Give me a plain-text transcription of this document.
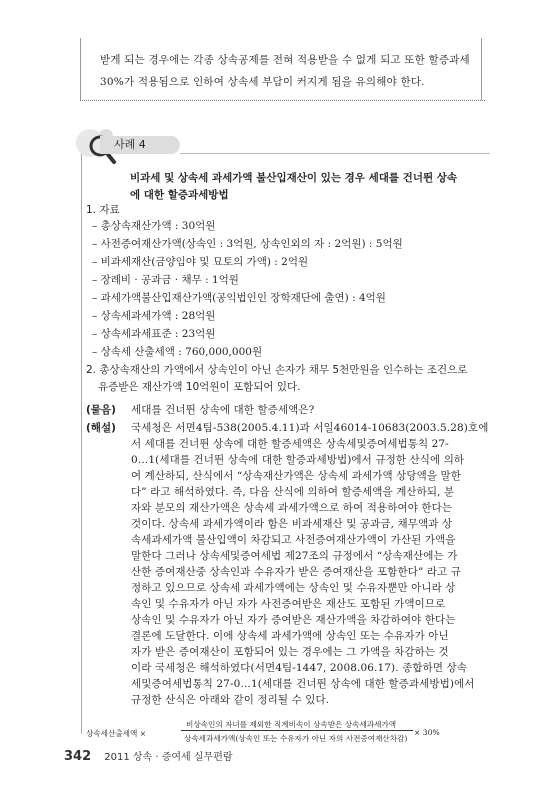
받게 되는 경우에는 각종 상속공제를 전혀 적용받을 수 없게 되고 또한 할증과세
30%가 적용됨으로 인하여 상속세 부담이 커지게 됨을 유의해야 한다.
사례 4
비과세 및 상속세 과세가액 불산입재산이 있는 경우 세대를 건너뛴 상속
에 대한 할증과세방법
1. 자료
– 총상속재산가액 : 30억원
– 사전증여재산가액(상속인 : 3억원, 상속인외의 자 : 2억원) : 5억원
– 비과세재산(금양임야 및 묘토의 가액) : 2억원
– 장례비 · 공과금 · 채무 : 1억원
– 과세가액불산입재산가액(공익법인인 장학재단에 출연) : 4억원
– 상속세과세가액 : 28억원
– 상속세과세표준 : 23억원
– 상속세 산출세액 : 760,000,000원
2. 총상속재산의 가액에서 상속인이 아닌 손자가 채무 5천만원을 인수하는 조건으로
유증받은 재산가액 10억원이 포함되어 있다.
(물음) 세대를 건너뛴 상속에 대한 할증세액은?
(해설) 국세청은 서면4팀-538(2005.4.11)과 서일46014-10683(2003.5.28)호에
서 세대를 건너뛴 상속에 대한 할증세액은 상속세및증여세법통칙 27-
0…1(세대를 건너뛴 상속에 대한 할증과세방법)에서 규정한 산식에 의하
여 계산하되, 산식에서 “상속재산가액은 상속세 과세가액 상당액을 말한
다” 라고 해석하였다. 즉, 다음 산식에 의하여 할증세액을 계산하되, 분
자와 분모의 재산가액은 상속세 과세가액으로 하여 적용하여야 한다는
것이다. 상속세 과세가액이라 함은 비과세재산 및 공과금, 채무액과 상
속세과세가액 불산입액이 차감되고 사전증여재산가액이 가산된 가액을
말한다 그러나 상속세및증여세법 제27조의 규정에서 “상속재산에는 가
산한 증여재산중 상속인과 수유자가 받은 증여재산을 포함한다” 라고 규
정하고 있으므로 상속세 과세가액에는 상속인 및 수유자뿐만 아니라 상
속인 및 수유자가 아닌 자가 사전증여받은 재산도 포함된 가액이므로
상속인 및 수유자가 아닌 자가 증여받은 재산가액을 차감하여야 한다는
결론에 도달한다. 이에 상속세 과세가액에 상속인 또는 수유자가 아닌
자가 받은 증여재산이 포함되어 있는 경우에는 그 가액을 차감하는 것
이라 국세청은 해석하였다(서면4팀-1447, 2008.06.17). 종합하면 상속
세및증여세법통칙 27-0…1(세대를 건너뛴 상속에 대한 할증과세방법)에서
규정한 산식은 아래와 같이 정리될 수 있다.
상속세산출세액 ×
비상속인의 자녀를 제외한 직계비속이 상속받은 상속세과세가액
상속세과세가액(상속인 또는 수유자가 아닌 자의 사전증여재산차감)
× 30%
342 2011 상속 · 증여세 실무편람
